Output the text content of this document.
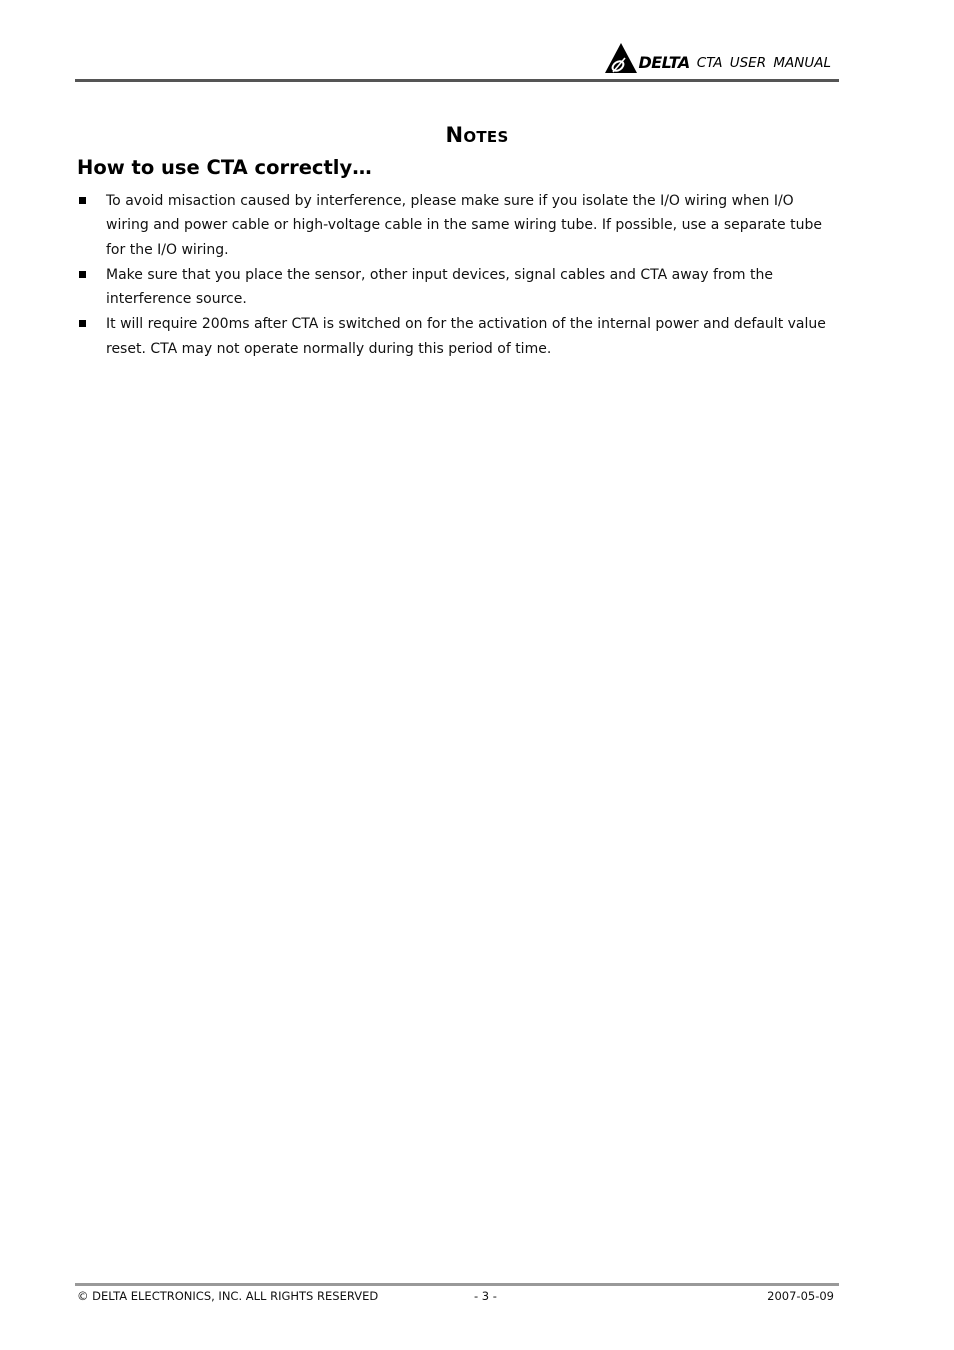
DELTA CTA USER MANUAL
Notes
How to use CTA correctly…
To avoid misaction caused by interference, please make sure if you isolate the I/O wiring when I/O wiring and power cable or high-voltage cable in the same wiring tube. If possible, use a separate tube for the I/O wiring.
Make sure that you place the sensor, other input devices, signal cables and CTA away from the interference source.
It will require 200ms after CTA is switched on for the activation of the internal power and default value reset. CTA may not operate normally during this period of time.
© DELTA ELECTRONICS, INC. ALL RIGHTS RESERVED	- 3 -	2007-05-09
